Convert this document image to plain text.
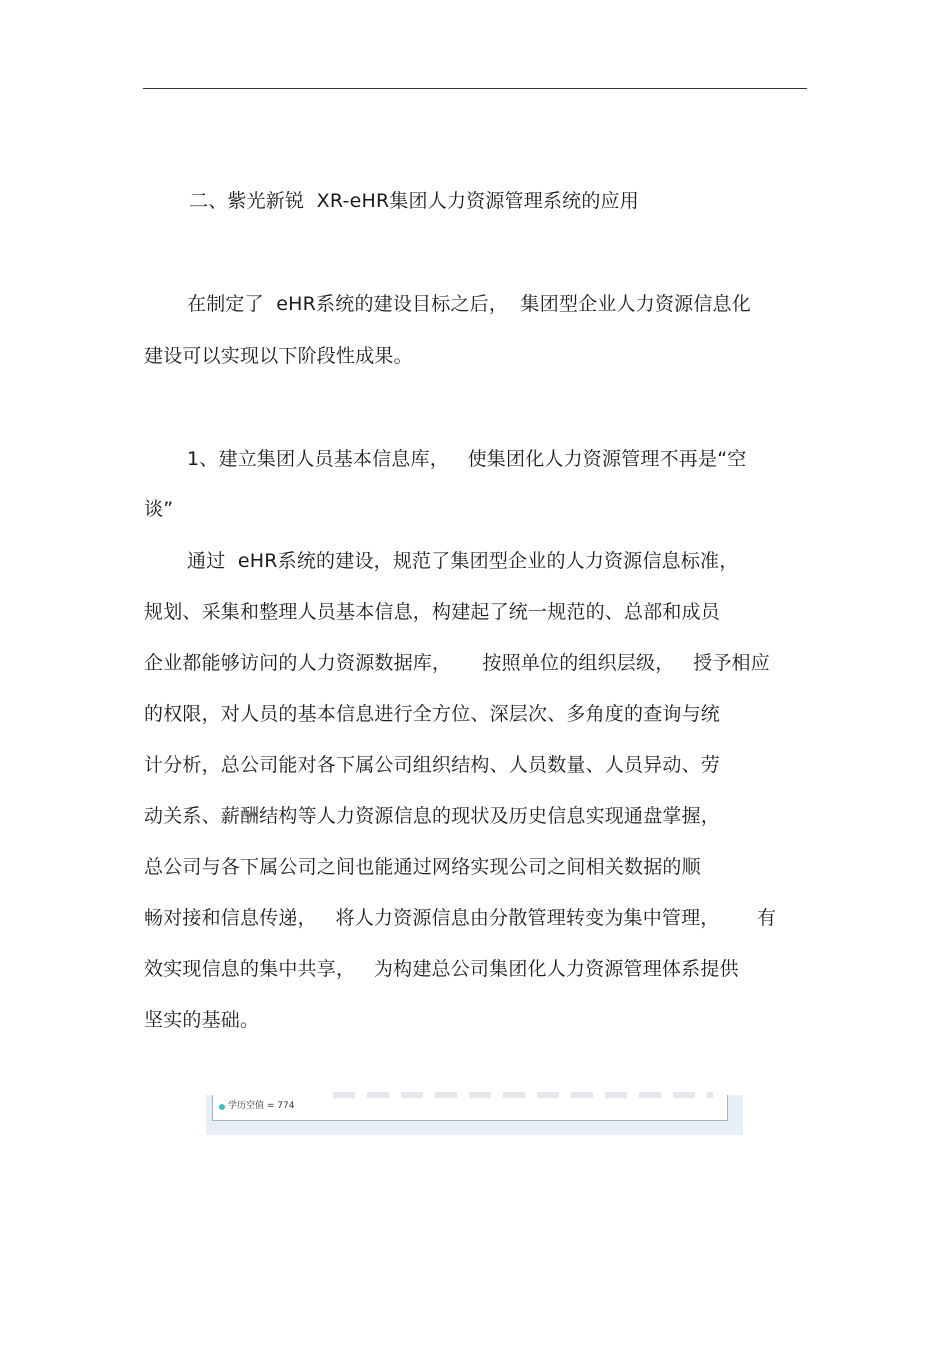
二、紫光新锐  XR-eHR集团人力资源管理系统的应用
在制定了  eHR系统的建设目标之后，  集团型企业人力资源信息化
建设可以实现以下阶段性成果。
1、建立集团人员基本信息库，   使集团化人力资源管理不再是“空
谈”
通过  eHR系统的建设，规范了集团型企业的人力资源信息标准，
规划、采集和整理人员基本信息，构建起了统一规范的、总部和成员
企业都能够访问的人力资源数据库，     按照单位的组织层级，   授予相应
的权限，对人员的基本信息进行全方位、深层次、多角度的查询与统
计分析，总公司能对各下属公司组织结构、人员数量、人员异动、劳
动关系、薪酬结构等人力资源信息的现状及历史信息实现通盘掌握，
总公司与各下属公司之间也能通过网络实现公司之间相关数据的顺
畅对接和信息传递，   将人力资源信息由分散管理转变为集中管理，      有
效实现信息的集中共享，   为构建总公司集团化人力资源管理体系提供
坚实的基础。
学历空值 = 774
